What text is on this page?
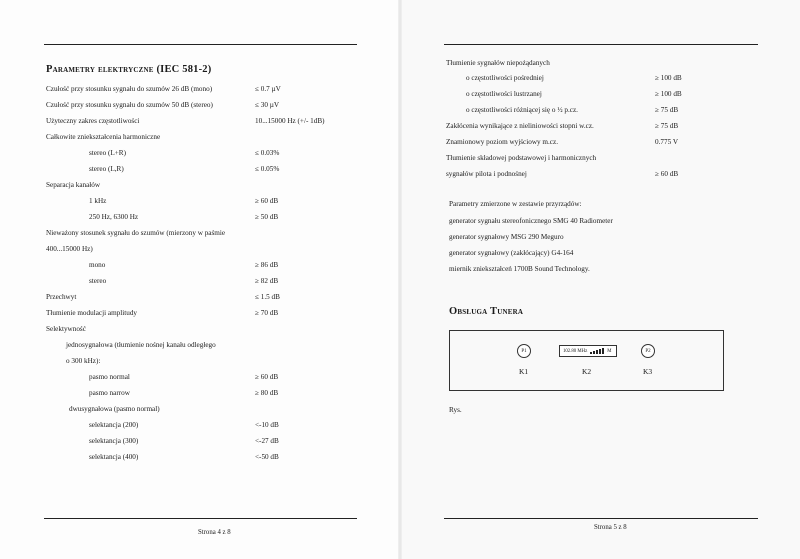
Parametry elektryczne (IEC 581-2)
Czułość przy stosunku sygnału do szumów 26 dB (mono)	≤ 0.7 µV
Czułość przy stosunku sygnału do szumów 50 dB (stereo)	≤ 30 µV
Użyteczny zakres częstotliwości	10...15000 Hz (+/- 1dB)
Całkowite zniekształcenia harmoniczne
stereo (L+R)	≤ 0.03%
stereo (L,R)	≤ 0.05%
Separacja kanałów
1 kHz	≥ 60 dB
250 Hz, 6300 Hz	≥ 50 dB
Nieważony stosunek sygnału do szumów (mierzony w paśmie
400...15000 Hz)
mono	≥ 86 dB
stereo	≥ 82 dB
Przechwyt	≤ 1.5 dB
Tłumienie modulacji amplitudy	≥ 70 dB
Selektywność
jednosygnałowa (tłumienie nośnej kanału odległego
o 300 kHz):
pasmo normal	≥ 60 dB
pasmo narrow	≥ 80 dB
dwusygnałowa (pasmo normal)
selektancja (200)	<-10 dB
selektancja (300)	<-27 dB
selektancja (400)	<-50 dB
Strona 4 z 8
Tłumienie sygnałów niepożądanych
o częstotliwości pośredniej	≥ 100 dB
o częstotliwości lustrzanej	≥ 100 dB
o częstotliwości różniącej się o ½ p.cz.	≥ 75 dB
Zakłócenia wynikające z nieliniowości stopni w.cz.	≥ 75 dB
Znamionowy poziom wyjściowy m.cz.	0.775 V
Tłumienie składowej podstawowej i harmonicznych
sygnałów pilota i podnośnej	≥ 60 dB
Parametry zmierzone w zestawie przyrządów:
generator sygnału stereofonicznego SMG 40 Radiometer
generator sygnałowy MSG 290 Meguro
generator sygnałowy (zakłócający) G4-164
miernik zniekształceń 1700B Sound Technology.
Obsługa Tunera
P1	102.80 MHz	M	P2
K1	K2	K3
Rys.
Strona 5 z 8
